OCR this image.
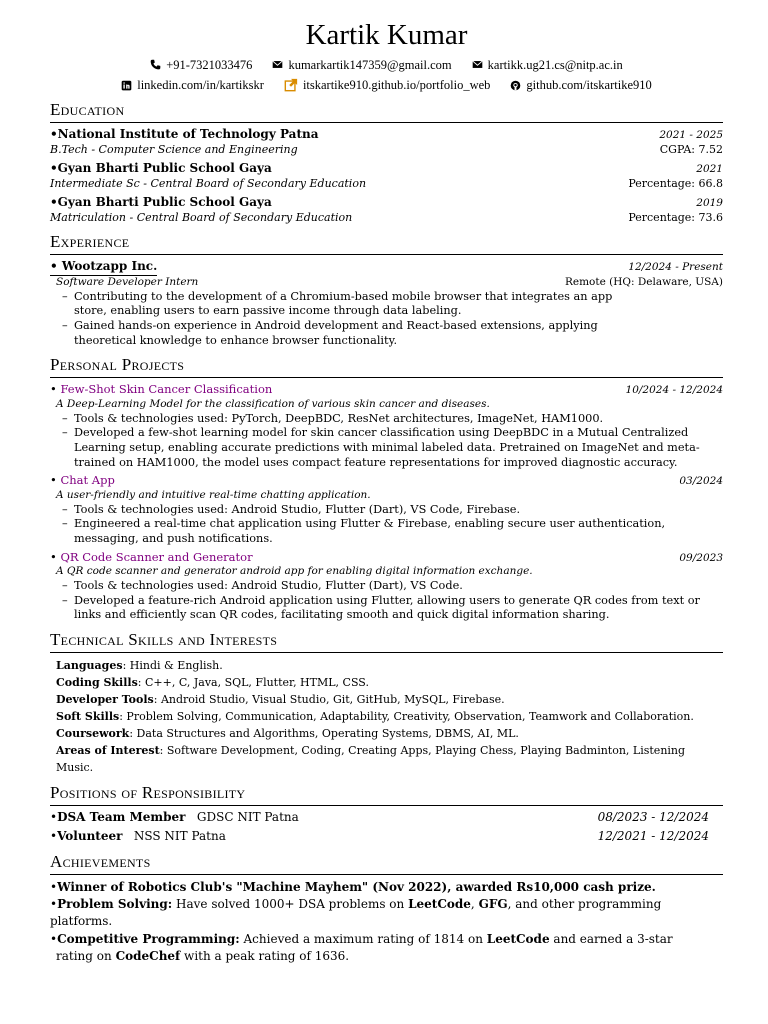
Kartik Kumar
+91-7321033476	kumarkartik147359@gmail.com	kartikk.ug21.cs@nitp.ac.in
linkedin.com/in/kartikskr	itskartike910.github.io/portfolio_web	github.com/itskartike910
Education
•National Institute of Technology Patna	2021 - 2025
B.Tech - Computer Science and Engineering	CGPA: 7.52
•Gyan Bharti Public School Gaya	2021
Intermediate Sc - Central Board of Secondary Education	Percentage: 66.8
•Gyan Bharti Public School Gaya	2019
Matriculation - Central Board of Secondary Education	Percentage: 73.6
Experience
• Wootzapp Inc.	12/2024 - Present
Software Developer Intern	Remote (HQ: Delaware, USA)
– Contributing to the development of a Chromium-based mobile browser that integrates an app store, enabling users to earn passive income through data labeling.
– Gained hands-on experience in Android development and React-based extensions, applying theoretical knowledge to enhance browser functionality.
Personal Projects
• Few-Shot Skin Cancer Classification	10/2024 - 12/2024
A Deep-Learning Model for the classification of various skin cancer and diseases.
– Tools & technologies used: PyTorch, DeepBDC, ResNet architectures, ImageNet, HAM1000.
– Developed a few-shot learning model for skin cancer classification using DeepBDC in a Mutual Centralized Learning setup, enabling accurate predictions with minimal labeled data. Pretrained on ImageNet and meta-trained on HAM1000, the model uses compact feature representations for improved diagnostic accuracy.
• Chat App	03/2024
A user-friendly and intuitive real-time chatting application.
– Tools & technologies used: Android Studio, Flutter (Dart), VS Code, Firebase.
– Engineered a real-time chat application using Flutter & Firebase, enabling secure user authentication, messaging, and push notifications.
• QR Code Scanner and Generator	09/2023
A QR code scanner and generator android app for enabling digital information exchange.
– Tools & technologies used: Android Studio, Flutter (Dart), VS Code.
– Developed a feature-rich Android application using Flutter, allowing users to generate QR codes from text or links and efficiently scan QR codes, facilitating smooth and quick digital information sharing.
Technical Skills and Interests
Languages: Hindi & English.
Coding Skills: C++, C, Java, SQL, Flutter, HTML, CSS.
Developer Tools: Android Studio, Visual Studio, Git, GitHub, MySQL, Firebase.
Soft Skills: Problem Solving, Communication, Adaptability, Creativity, Observation, Teamwork and Collaboration.
Coursework: Data Structures and Algorithms, Operating Systems, DBMS, AI, ML.
Areas of Interest: Software Development, Coding, Creating Apps, Playing Chess, Playing Badminton, Listening Music.
Positions of Responsibility
•DSA Team Member GDSC NIT Patna	08/2023 - 12/2024
•Volunteer NSS NIT Patna	12/2021 - 12/2024
Achievements
•Winner of Robotics Club's "Machine Mayhem" (Nov 2022), awarded Rs10,000 cash prize.
•Problem Solving: Have solved 1000+ DSA problems on LeetCode, GFG, and other programming platforms.
•Competitive Programming: Achieved a maximum rating of 1814 on LeetCode and earned a 3-star
rating on CodeChef with a peak rating of 1636.
